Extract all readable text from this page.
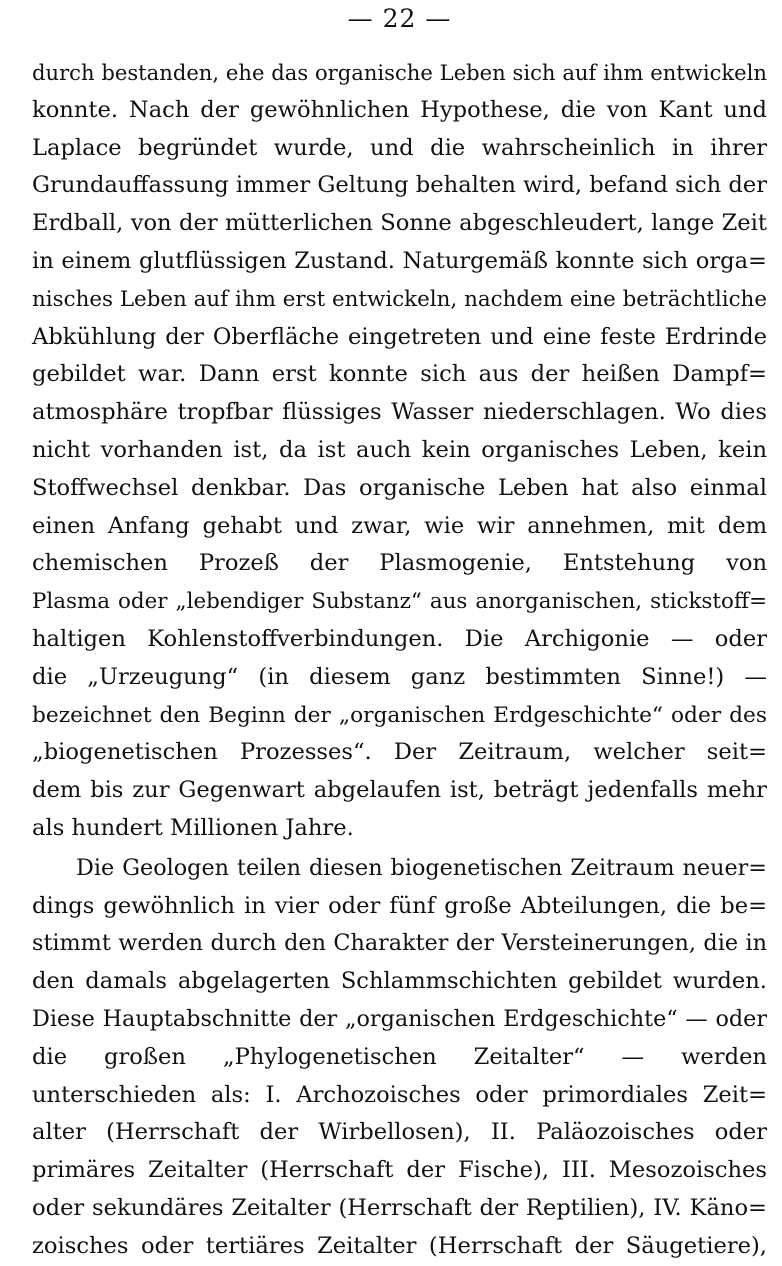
— 22 —

durch bestanden, ehe das organische Leben sich auf ihm entwickeln
konnte. Nach der gewöhnlichen Hypothese, die von Kant und
Laplace begründet wurde, und die wahrscheinlich in ihrer
Grundauffassung immer Geltung behalten wird, befand sich der
Erdball, von der mütterlichen Sonne abgeschleudert, lange Zeit
in einem glutflüssigen Zustand. Naturgemäß konnte sich orga=
nisches Leben auf ihm erst entwickeln, nachdem eine beträchtliche
Abkühlung der Oberfläche eingetreten und eine feste Erdrinde
gebildet war. Dann erst konnte sich aus der heißen Dampf=
atmosphäre tropfbar flüssiges Wasser niederschlagen. Wo dies
nicht vorhanden ist, da ist auch kein organisches Leben, kein
Stoffwechsel denkbar. Das organische Leben hat also einmal
einen Anfang gehabt und zwar, wie wir annehmen, mit dem
chemischen Prozeß der Plasmogenie, Entstehung von
Plasma oder „lebendiger Substanz“ aus anorganischen, stickstoff=
haltigen Kohlenstoffverbindungen. Die Archigonie — oder
die „Urzeugung“ (in diesem ganz bestimmten Sinne!) —
bezeichnet den Beginn der „organischen Erdgeschichte“ oder des
„biogenetischen Prozesses“. Der Zeitraum, welcher seit=
dem bis zur Gegenwart abgelaufen ist, beträgt jedenfalls mehr
als hundert Millionen Jahre.

Die Geologen teilen diesen biogenetischen Zeitraum neuer=
dings gewöhnlich in vier oder fünf große Abteilungen, die be=
stimmt werden durch den Charakter der Versteinerungen, die in
den damals abgelagerten Schlammschichten gebildet wurden.
Diese Hauptabschnitte der „organischen Erdgeschichte“ — oder
die großen „Phylogenetischen Zeitalter“ — werden
unterschieden als: I. Archozoisches oder primordiales Zeit=
alter (Herrschaft der Wirbellosen), II. Paläozoisches oder
primäres Zeitalter (Herrschaft der Fische), III. Mesozoisches
oder sekundäres Zeitalter (Herrschaft der Reptilien), IV. Käno=
zoisches oder tertiäres Zeitalter (Herrschaft der Säugetiere),
